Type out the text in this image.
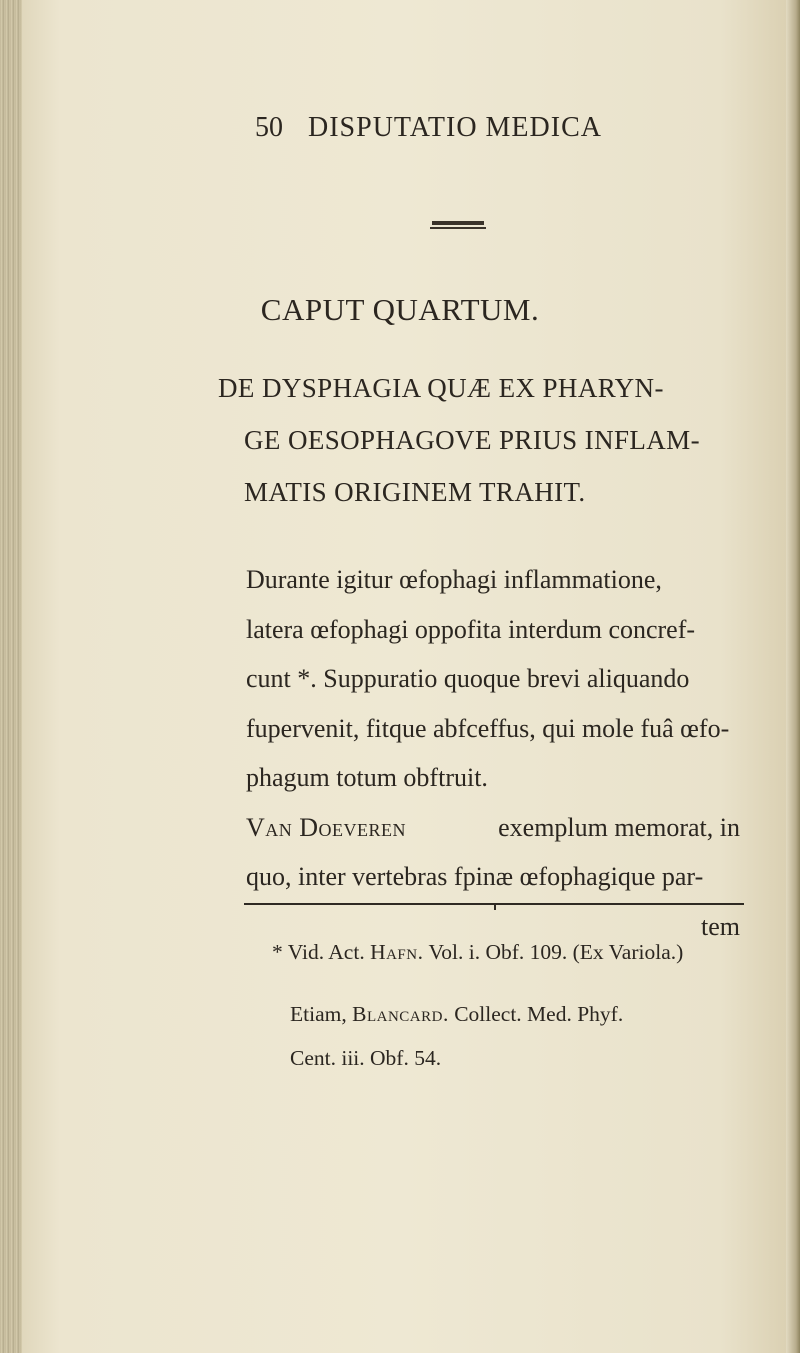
50 DISPUTATIO MEDICA
CAPUT QUARTUM.
DE DYSPHAGIA QUÆ EX PHARYN-
GE OESOPHAGOVE PRIUS INFLAM-
MATIS ORIGINEM TRAHIT.
Durante igitur œfophagi inflammatione,
latera œfophagi oppofita interdum concref-
cunt *. Suppuratio quoque brevi aliquando
fupervenit, fitque abfceffus, qui mole fuâ œfo-
phagum totum obftruit.
Van Doeveren	exemplum memorat, in
quo, inter vertebras fpinæ œfophagique par-
tem
* Vid. Act. Hafn. Vol. i. Obf. 109. (Ex Variola.)
Etiam, Blancard. Collect. Med. Phyf.
Cent. iii. Obf. 54.
